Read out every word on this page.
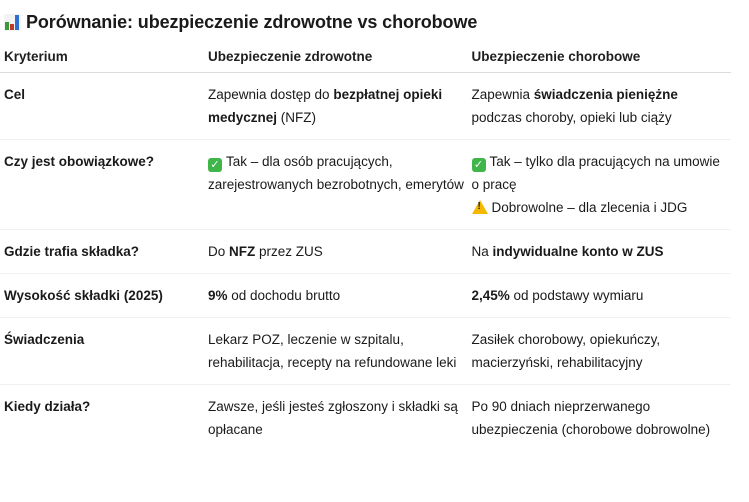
Porównanie: ubezpieczenie zdrowotne vs chorobowe
Kryterium	Ubezpieczenie zdrowotne	Ubezpieczenie chorobowe
Cel	Zapewnia dostęp do bezpłatnej opieki medycznej (NFZ)	Zapewnia świadczenia pieniężne podczas choroby, opieki lub ciąży
Czy jest obowiązkowe?	✓ Tak – dla osób pracujących, zarejestrowanych bezrobotnych, emerytów	✓ Tak – tylko dla pracujących na umowie o pracę
!Dobrowolne – dla zlecenia i JDG

Gdzie trafia składka?	Do NFZ przez ZUS	Na indywidualne konto w ZUS
Wysokość składki (2025)	9% od dochodu brutto	2,45% od podstawy wymiaru
Świadczenia	Lekarz POZ, leczenie w szpitalu, rehabilitacja, recepty na refundowane leki	Zasiłek chorobowy, opiekuńczy, macierzyński, rehabilitacyjny
Kiedy działa?	Zawsze, jeśli jesteś zgłoszony i składki są opłacane	Po 90 dniach nieprzerwanego ubezpieczenia (chorobowe dobrowolne)
